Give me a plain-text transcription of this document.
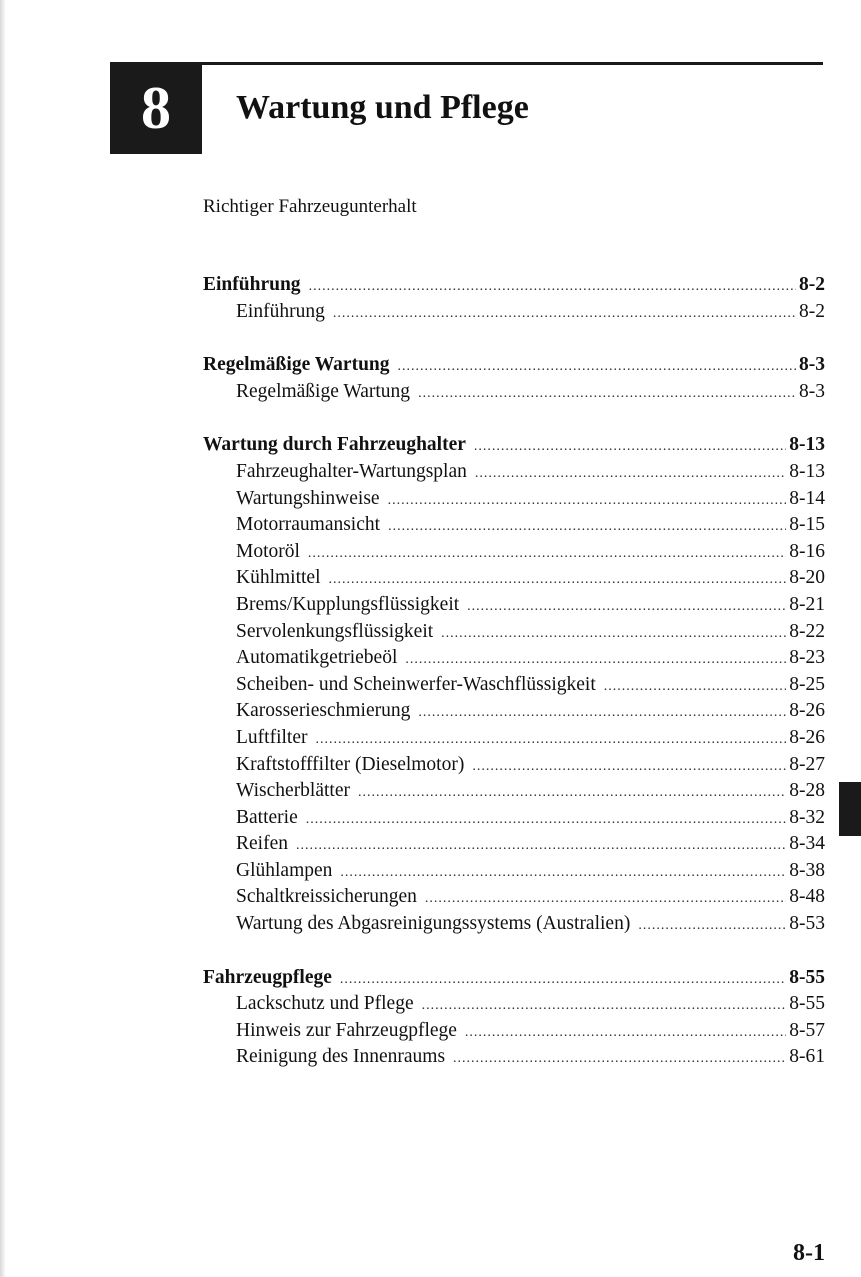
8	Wartung und Pflege
Richtiger Fahrzeugunterhalt
Einführung .....	8-2
Einführung .....	8-2
Regelmäßige Wartung .....	8-3
Regelmäßige Wartung .....	8-3
Wartung durch Fahrzeughalter .....	8-13
Fahrzeughalter-Wartungsplan .....	8-13
Wartungshinweise .....	8-14
Motorraumansicht .....	8-15
Motoröl .....	8-16
Kühlmittel .....	8-20
Brems/Kupplungsflüssigkeit .....	8-21
Servolenkungsflüssigkeit .....	8-22
Automatikgetriebeöl .....	8-23
Scheiben- und Scheinwerfer-Waschflüssigkeit .....	8-25
Karosserieschmierung .....	8-26
Luftfilter .....	8-26
Kraftstofffilter (Dieselmotor) .....	8-27
Wischerblätter .....	8-28
Batterie .....	8-32
Reifen .....	8-34
Glühlampen .....	8-38
Schaltkreissicherungen .....	8-48
Wartung des Abgasreinigungssystems (Australien) .....	8-53
Fahrzeugpflege .....	8-55
Lackschutz und Pflege .....	8-55
Hinweis zur Fahrzeugpflege .....	8-57
Reinigung des Innenraums .....	8-61
8-1
